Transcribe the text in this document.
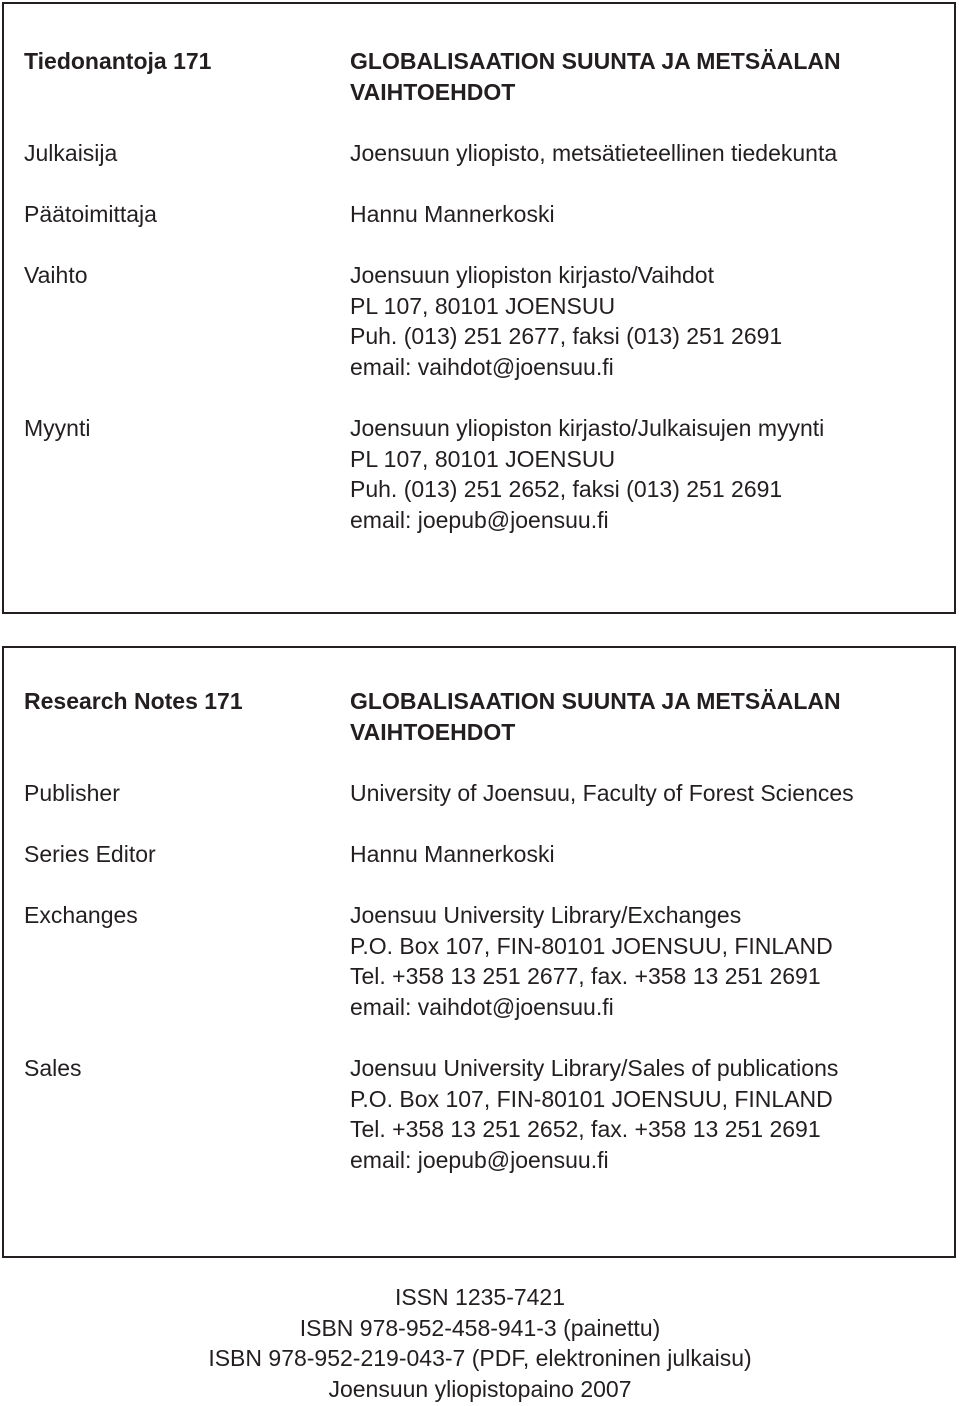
Tiedonantoja 171	GLOBALISAATION SUUNTA JA METSÄALAN
VAIHTOEHDOT
Julkaisija	Joensuun yliopisto, metsätieteellinen tiedekunta
Päätoimittaja	Hannu Mannerkoski
Vaihto	Joensuun yliopiston kirjasto/Vaihdot
PL 107, 80101 JOENSUU
Puh. (013) 251 2677, faksi (013) 251 2691
email: vaihdot@joensuu.fi
Myynti	Joensuun yliopiston kirjasto/Julkaisujen myynti
PL 107, 80101 JOENSUU
Puh. (013) 251 2652, faksi (013) 251 2691
email: joepub@joensuu.fi
Research Notes 171	GLOBALISAATION SUUNTA JA METSÄALAN
VAIHTOEHDOT
Publisher	University of Joensuu, Faculty of Forest Sciences
Series Editor	Hannu Mannerkoski
Exchanges	Joensuu University Library/Exchanges
P.O. Box 107, FIN-80101 JOENSUU, FINLAND
Tel. +358 13 251 2677, fax. +358 13 251 2691
email: vaihdot@joensuu.fi
Sales	Joensuu University Library/Sales of publications
P.O. Box 107, FIN-80101 JOENSUU, FINLAND
Tel. +358 13 251 2652, fax. +358 13 251 2691
email: joepub@joensuu.fi
ISSN 1235-7421
ISBN 978-952-458-941-3 (painettu)
ISBN 978-952-219-043-7 (PDF, elektroninen julkaisu)
Joensuun yliopistopaino 2007
